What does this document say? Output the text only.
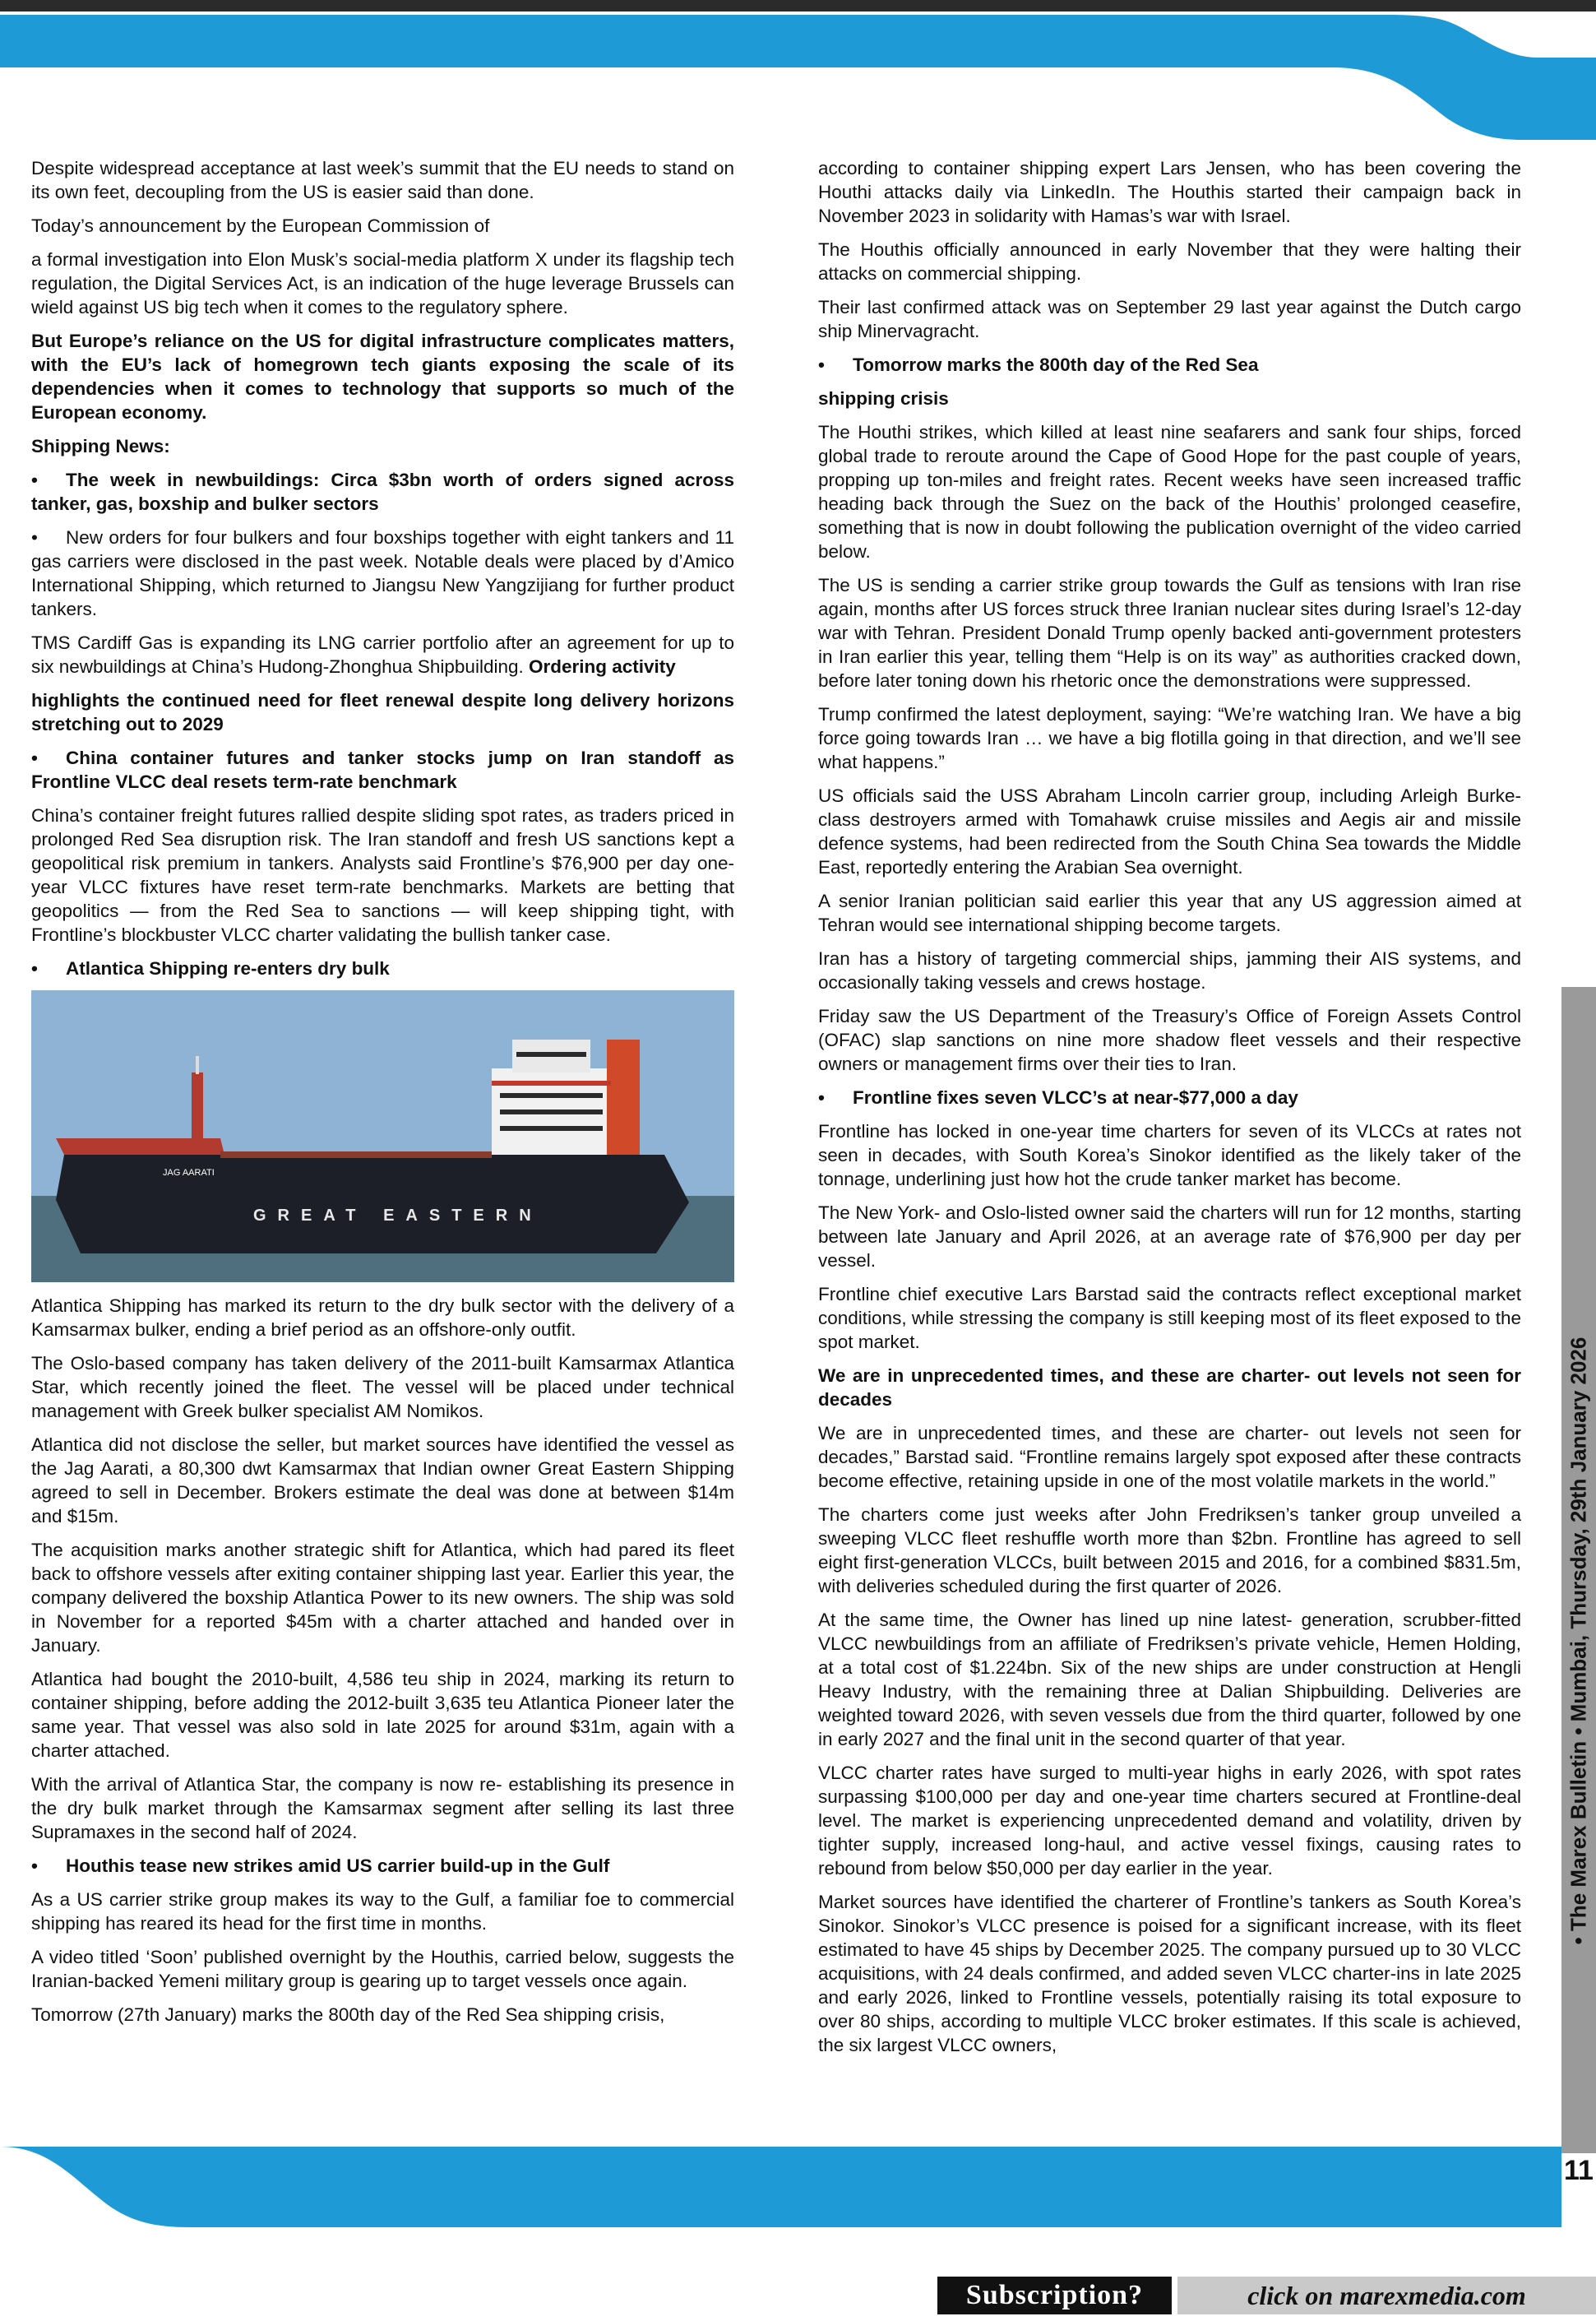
Despite widespread acceptance at last week’s summit that the EU needs to stand on its own feet, decoupling from the US is easier said than done.

Today’s announcement by the European Commission of

a formal investigation into Elon Musk’s social-media platform X under its flagship tech regulation, the Digital Services Act, is an indication of the huge leverage Brussels can wield against US big tech when it comes to the regulatory sphere.

But Europe’s reliance on the US for digital infrastructure complicates matters, with the EU’s lack of homegrown tech giants exposing the scale of its dependencies when it comes to technology that supports so much of the European economy.

Shipping News:

• The week in newbuildings: Circa $3bn worth of orders signed across tanker, gas, boxship and bulker sectors

• New orders for four bulkers and four boxships together with eight tankers and 11 gas carriers were disclosed in the past week. Notable deals were placed by d’Amico International Shipping, which returned to Jiangsu New Yangzijiang for further product tankers.

TMS Cardiff Gas is expanding its LNG carrier portfolio after an agreement for up to six newbuildings at China’s Hudong-Zhonghua Shipbuilding. Ordering activity

highlights the continued need for fleet renewal despite long delivery horizons stretching out to 2029

• China container futures and tanker stocks jump on Iran standoff as Frontline VLCC deal resets term-rate benchmark

China’s container freight futures rallied despite sliding spot rates, as traders priced in prolonged Red Sea disruption risk. The Iran standoff and fresh US sanctions kept a geopolitical risk premium in tankers. Analysts said Frontline’s $76,900 per day one-year VLCC fixtures have reset term-rate benchmarks. Markets are betting that geopolitics — from the Red Sea to sanctions — will keep shipping tight, with Frontline’s blockbuster VLCC charter validating the bullish tanker case.

• Atlantica Shipping re-enters dry bulk

GREAT EASTERN
JAG AARATI

Atlantica Shipping has marked its return to the dry bulk sector with the delivery of a Kamsarmax bulker, ending a brief period as an offshore-only outfit.

The Oslo-based company has taken delivery of the 2011-built Kamsarmax Atlantica Star, which recently joined the fleet. The vessel will be placed under technical management with Greek bulker specialist AM Nomikos.

Atlantica did not disclose the seller, but market sources have identified the vessel as the Jag Aarati, a 80,300 dwt Kamsarmax that Indian owner Great Eastern Shipping agreed to sell in December. Brokers estimate the deal was done at between $14m and $15m.

The acquisition marks another strategic shift for Atlantica, which had pared its fleet back to offshore vessels after exiting container shipping last year. Earlier this year, the company delivered the boxship Atlantica Power to its new owners. The ship was sold in November for a reported $45m with a charter attached and handed over in January.

Atlantica had bought the 2010-built, 4,586 teu ship in 2024, marking its return to container shipping, before adding the 2012-built 3,635 teu Atlantica Pioneer later the same year. That vessel was also sold in late 2025 for around $31m, again with a charter attached.

With the arrival of Atlantica Star, the company is now re- establishing its presence in the dry bulk market through the Kamsarmax segment after selling its last three Supramaxes in the second half of 2024.

• Houthis tease new strikes amid US carrier build-up in the Gulf

As a US carrier strike group makes its way to the Gulf, a familiar foe to commercial shipping has reared its head for the first time in months.

A video titled ‘Soon’ published overnight by the Houthis, carried below, suggests the Iranian-backed Yemeni military group is gearing up to target vessels once again.

Tomorrow (27th January) marks the 800th day of the Red Sea shipping crisis,

according to container shipping expert Lars Jensen, who has been covering the Houthi attacks daily via LinkedIn. The Houthis started their campaign back in November 2023 in solidarity with Hamas’s war with Israel.

The Houthis officially announced in early November that they were halting their attacks on commercial shipping.

Their last confirmed attack was on September 29 last year against the Dutch cargo ship Minervagracht.

• Tomorrow marks the 800th day of the Red Sea

shipping crisis

The Houthi strikes, which killed at least nine seafarers and sank four ships, forced global trade to reroute around the Cape of Good Hope for the past couple of years, propping up ton-miles and freight rates. Recent weeks have seen increased traffic heading back through the Suez on the back of the Houthis’ prolonged ceasefire, something that is now in doubt following the publication overnight of the video carried below.

The US is sending a carrier strike group towards the Gulf as tensions with Iran rise again, months after US forces struck three Iranian nuclear sites during Israel’s 12-day war with Tehran. President Donald Trump openly backed anti-government protesters in Iran earlier this year, telling them “Help is on its way” as authorities cracked down, before later toning down his rhetoric once the demonstrations were suppressed.

Trump confirmed the latest deployment, saying: “We’re watching Iran. We have a big force going towards Iran … we have a big flotilla going in that direction, and we’ll see what happens.”

US officials said the USS Abraham Lincoln carrier group, including Arleigh Burke-class destroyers armed with Tomahawk cruise missiles and Aegis air and missile defence systems, had been redirected from the South China Sea towards the Middle East, reportedly entering the Arabian Sea overnight.

A senior Iranian politician said earlier this year that any US aggression aimed at Tehran would see international shipping become targets.

Iran has a history of targeting commercial ships, jamming their AIS systems, and occasionally taking vessels and crews hostage.

Friday saw the US Department of the Treasury’s Office of Foreign Assets Control (OFAC) slap sanctions on nine more shadow fleet vessels and their respective owners or management firms over their ties to Iran.

• Frontline fixes seven VLCC’s at near-$77,000 a day

Frontline has locked in one-year time charters for seven of its VLCCs at rates not seen in decades, with South Korea’s Sinokor identified as the likely taker of the tonnage, underlining just how hot the crude tanker market has become.

The New York- and Oslo-listed owner said the charters will run for 12 months, starting between late January and April 2026, at an average rate of $76,900 per day per vessel.

Frontline chief executive Lars Barstad said the contracts reflect exceptional market conditions, while stressing the company is still keeping most of its fleet exposed to the spot market.

We are in unprecedented times, and these are charter- out levels not seen for decades

We are in unprecedented times, and these are charter- out levels not seen for decades,” Barstad said. “Frontline remains largely spot exposed after these contracts become effective, retaining upside in one of the most volatile markets in the world.”

The charters come just weeks after John Fredriksen’s tanker group unveiled a sweeping VLCC fleet reshuffle worth more than $2bn. Frontline has agreed to sell eight first-generation VLCCs, built between 2015 and 2016, for a combined $831.5m, with deliveries scheduled during the first quarter of 2026.

At the same time, the Owner has lined up nine latest- generation, scrubber-fitted VLCC newbuildings from an affiliate of Fredriksen’s private vehicle, Hemen Holding, at a total cost of $1.224bn. Six of the new ships are under construction at Hengli Heavy Industry, with the remaining three at Dalian Shipbuilding. Deliveries are weighted toward 2026, with seven vessels due from the third quarter, followed by one in early 2027 and the final unit in the second quarter of that year.

VLCC charter rates have surged to multi-year highs in early 2026, with spot rates surpassing $100,000 per day and one-year time charters secured at Frontline-deal level. The market is experiencing unprecedented demand and volatility, driven by tighter supply, increased long-haul, and active vessel fixings, causing rates to rebound from below $50,000 per day earlier in the year.

Market sources have identified the charterer of Frontline’s tankers as South Korea’s Sinokor. Sinokor’s VLCC presence is poised for a significant increase, with its fleet estimated to have 45 ships by December 2025. The company pursued up to 30 VLCC acquisitions, with 24 deals confirmed, and added seven VLCC charter-ins in late 2025 and early 2026, linked to Frontline vessels, potentially raising its total exposure to over 80 ships, according to multiple VLCC broker estimates. If this scale is achieved, the six largest VLCC owners,

• The Marex Bulletin • Mumbai, Thursday, 29th January 2026
11
Subscription?	click on marexmedia.com
